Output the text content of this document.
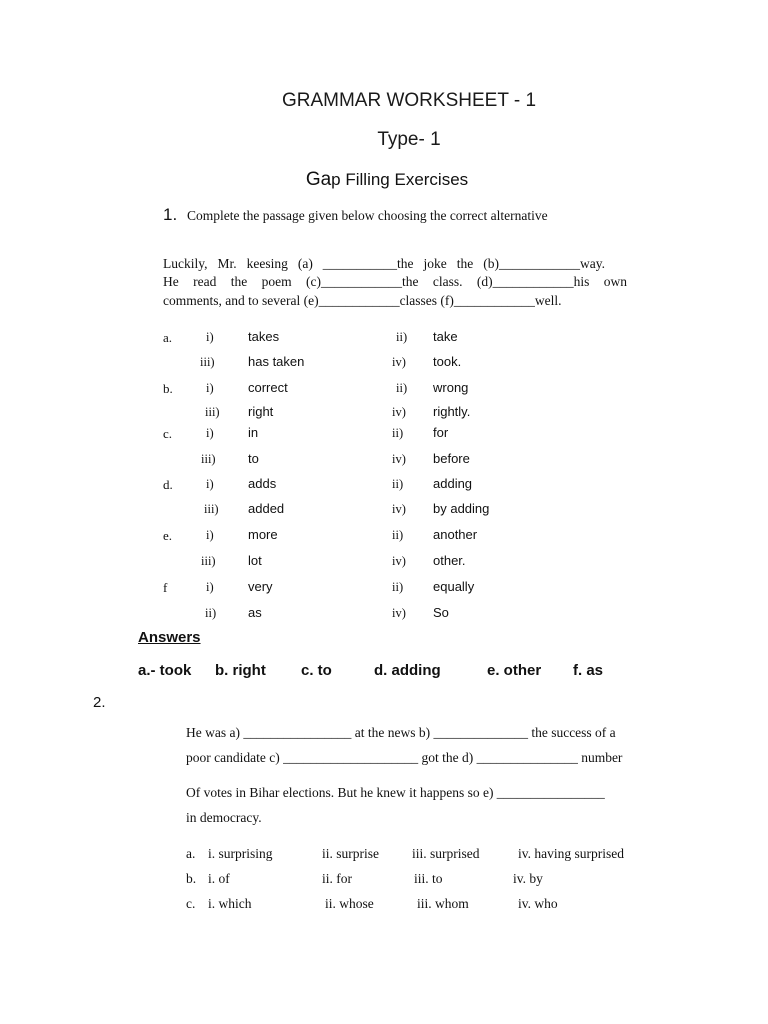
GRAMMAR WORKSHEET - 1
Type- 1
Gap Filling Exercises
1. Complete the passage given below choosing the correct alternative
Luckily, Mr. keesing (a) ___________the joke the (b)____________way.
He read the poem (c)____________the class. (d)____________his own
comments, and to several (e)____________classes (f)____________well.
a.	i)	takes	ii) take
iii)	has taken	iv) took.
b.	i)	correct	ii) wrong
iii) right	iv) rightly.
c.	i)	in	ii) for
iii) to	iv) before
d.	i)	adds	ii) adding
iii) added	iv) by adding
e.	i)	more	ii) another
iii) lot	iv) other.
f	i)	very	ii) equally
ii) as	iv) So
Answers
a.- took b. right c. to	d. adding	e. other f. as
2.
He was a) ________________ at the news b) ______________ the success of a
poor candidate c) ____________________ got the d) _______________ number
Of votes in Bihar elections. But he knew it happens so e) ________________
in democracy.
a. i. surprising	ii. surprise iii. surprised	iv. having surprised
b. i. of	ii. for	iii. to	iv. by
c. i. which	ii. whose	iii. whom	iv. who
